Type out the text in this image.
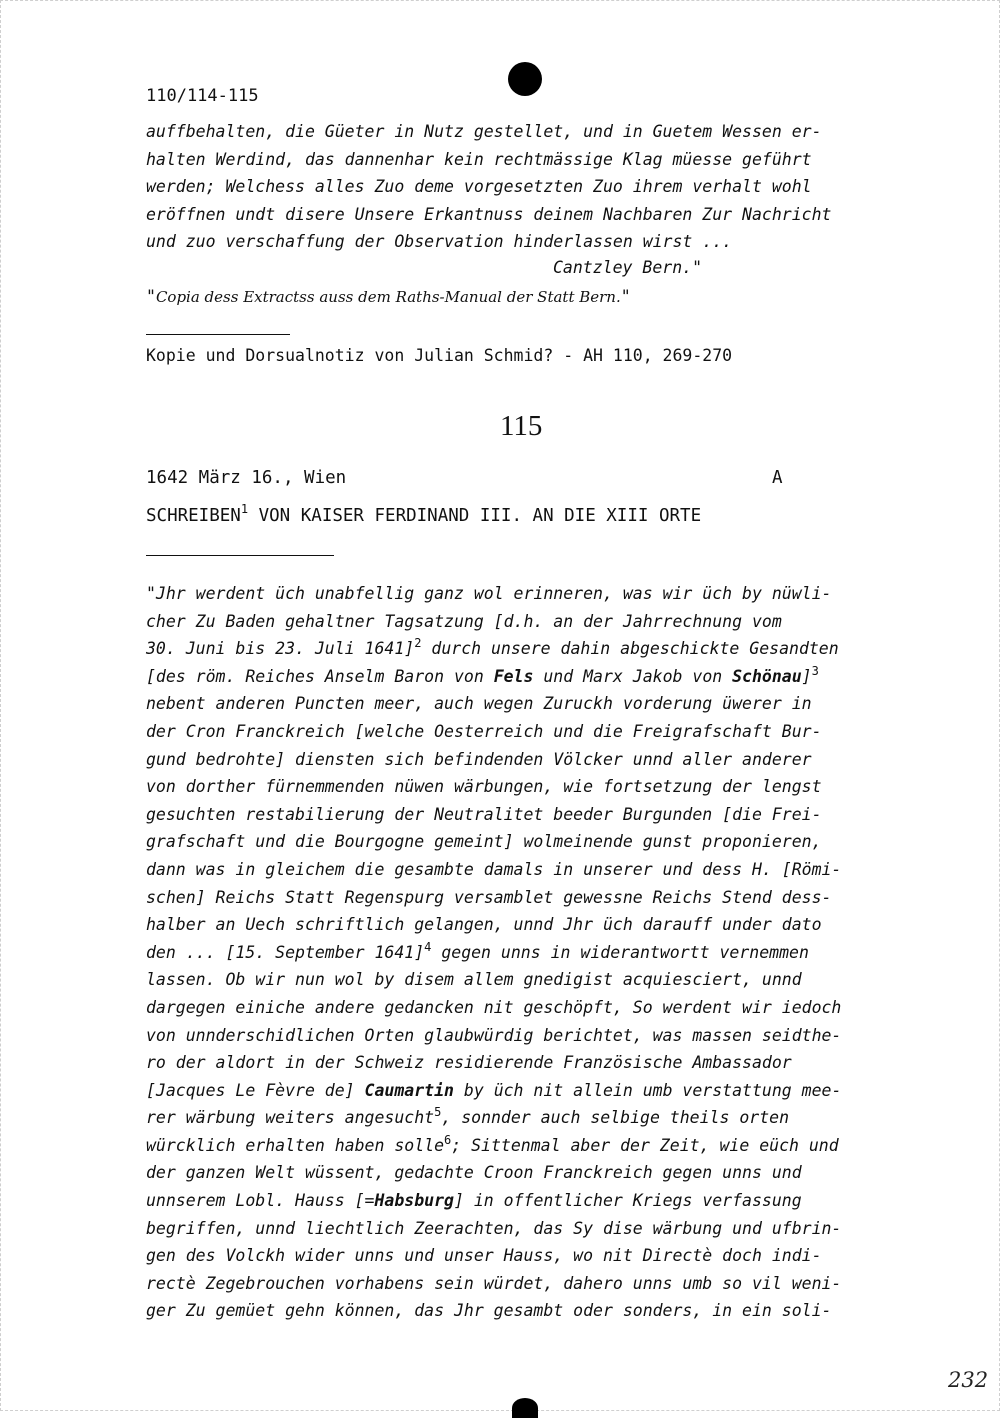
110/114-115
auffbehalten, die Güeter in Nutz gestellet, und in Guetem Wessen er-
halten Werdind, das dannenhar kein rechtmässige Klag müesse geführt
werden; Welchess alles Zuo deme vorgesetzten Zuo ihrem verhalt wohl
eröffnen undt disere Unsere Erkantnuss deinem Nachbaren Zur Nachricht
und zuo verschaffung der Observation hinderlassen wirst ...
Cantzley Bern."
"Copia dess Extractss auss dem Raths-Manual der Statt Bern."
Kopie und Dorsualnotiz von Julian Schmid? - AH 110, 269-270
115
1642 März 16., Wien	A
SCHREIBEN$^1$ VON KAISER FERDINAND III. AN DIE XIII ORTE
"Jhr werdent üch unabfellig ganz wol erinneren, was wir üch by nüwli-
cher Zu Baden gehaltner Tagsatzung [d.h. an der Jahrrechnung vom
30. Juni bis 23. Juli 1641]$^2$ durch unsere dahin abgeschickte Gesandten
[des röm. Reiches Anselm Baron von Fels und Marx Jakob von Schönau]$^3$
nebent anderen Puncten meer, auch wegen Zuruckh vorderung üwerer in
der Cron Franckreich [welche Oesterreich und die Freigrafschaft Bur-
gund bedrohte] diensten sich befindenden Völcker unnd aller anderer
von dorther fürnemmenden nüwen wärbungen, wie fortsetzung der lengst
gesuchten restabilierung der Neutralitet beeder Burgunden [die Frei-
grafschaft und die Bourgogne gemeint] wolmeinende gunst proponieren,
dann was in gleichem die gesambte damals in unserer und dess H. [Römi-
schen] Reichs Statt Regenspurg versamblet gewessne Reichs Stend dess-
halber an Uech schriftlich gelangen, unnd Jhr üch darauff under dato
den ... [15. September 1641]$^4$ gegen unns in widerantwortt vernemmen
lassen. Ob wir nun wol by disem allem gnedigist acquiesciert, unnd
dargegen einiche andere gedancken nit geschöpft, So werdent wir iedoch
von unnderschidlichen Orten glaubwürdig berichtet, was massen seidthe-
ro der aldort in der Schweiz residierende Französische Ambassador
[Jacques Le Fèvre de] Caumartin by üch nit allein umb verstattung mee-
rer wärbung weiters angesucht$^5$, sonnder auch selbige theils orten
würcklich erhalten haben solle$^6$; Sittenmal aber der Zeit, wie eüch und
der ganzen Welt wüssent, gedachte Croon Franckreich gegen unns und
unnserem Lobl. Hauss [=Habsburg] in offentlicher Kriegs verfassung
begriffen, unnd liechtlich Zeerachten, das Sy dise wärbung und ufbrin-
gen des Volckh wider unns und unser Hauss, wo nit Directè doch indi-
rectè Zegebrouchen vorhabens sein würdet, dahero unns umb so vil weni-
ger Zu gemüet gehn können, das Jhr gesambt oder sonders, in ein soli-
232
